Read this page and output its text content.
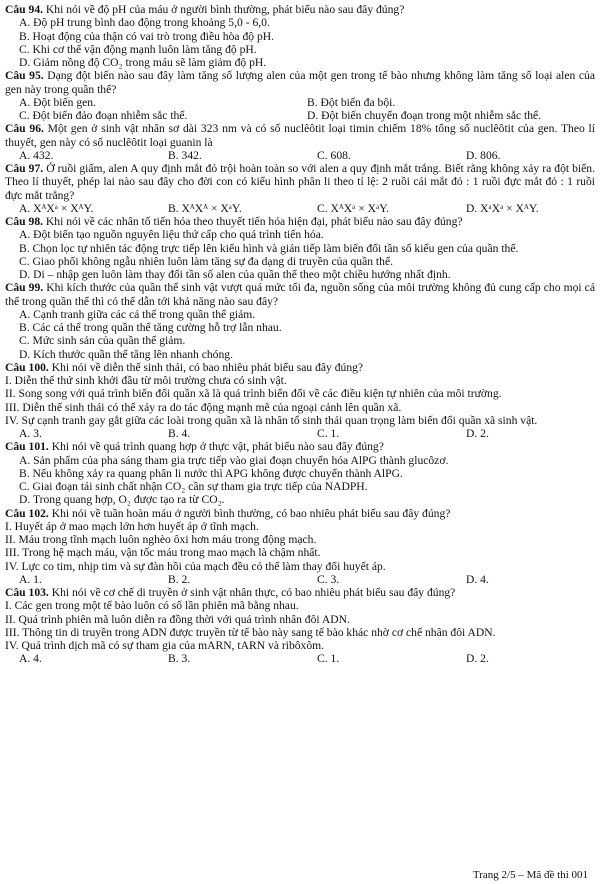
Câu 94. Khi nói về độ pH của máu ở người bình thường, phát biểu nào sau đây đúng?
A. Độ pH trung bình dao động trong khoảng 5,0 - 6,0.
B. Hoạt động của thận có vai trò trong điều hòa độ pH.
C. Khi cơ thể vận động mạnh luôn làm tăng độ pH.
D. Giảm nồng độ CO₂ trong máu sẽ làm giảm độ pH.
Câu 95. Dạng đột biến nào sau đây làm tăng số lượng alen của một gen trong tế bào nhưng không làm tăng số loại alen của gen này trong quần thể?
A. Đột biến gen.	B. Đột biến đa bội.
C. Đột biến đảo đoạn nhiễm sắc thể.	D. Đột biến chuyển đoạn trong một nhiễm sắc thể.
Câu 96. Một gen ở sinh vật nhân sơ dài 323 nm và có số nuclêôtit loại timin chiếm 18% tổng số nuclêôtit của gen. Theo lí thuyết, gen này có số nuclêôtit loại guanin là
A. 432.	B. 342.	C. 608.	D. 806.
Câu 97. Ở ruồi giấm, alen A quy định mắt đỏ trội hoàn toàn so với alen a quy định mắt trắng. Biết rằng không xảy ra đột biến. Theo lí thuyết, phép lai nào sau đây cho đời con có kiểu hình phân li theo tỉ lệ: 2 ruồi cái mắt đỏ : 1 ruồi đực mắt đỏ : 1 ruồi đực mắt trắng?
A. XᴬXᵃ × XᴬY.	B. XᴬXᴬ × XᵃY.	C. XᴬXᵃ × XᵃY.	D. XᵃXᵃ × XᴬY.
Câu 98. Khi nói về các nhân tố tiến hóa theo thuyết tiến hóa hiện đại, phát biểu nào sau đây đúng?
A. Đột biến tạo nguồn nguyên liệu thứ cấp cho quá trình tiến hóa.
B. Chọn lọc tự nhiên tác động trực tiếp lên kiểu hình và gián tiếp làm biến đổi tần số kiểu gen của quần thể.
C. Giao phối không ngẫu nhiên luôn làm tăng sự đa dạng di truyền của quần thể.
D. Di – nhập gen luôn làm thay đổi tần số alen của quần thể theo một chiều hướng nhất định.
Câu 99. Khi kích thước của quần thể sinh vật vượt quá mức tối đa, nguồn sống của môi trường không đủ cung cấp cho mọi cá thể trong quần thể thì có thể dẫn tới khả năng nào sau đây?
A. Cạnh tranh giữa các cá thể trong quần thể giảm.
B. Các cá thể trong quần thể tăng cường hỗ trợ lẫn nhau.
C. Mức sinh sản của quần thể giảm.
D. Kích thước quần thể tăng lên nhanh chóng.
Câu 100. Khi nói về diễn thế sinh thái, có bao nhiêu phát biểu sau đây đúng?
I. Diễn thế thứ sinh khởi đầu từ môi trường chưa có sinh vật.
II. Song song với quá trình biến đổi quần xã là quá trình biến đổi về các điều kiện tự nhiên của môi trường.
III. Diễn thế sinh thái có thể xảy ra do tác động mạnh mẽ của ngoại cảnh lên quần xã.
IV. Sự cạnh tranh gay gắt giữa các loài trong quần xã là nhân tố sinh thái quan trọng làm biến đổi quần xã sinh vật.
A. 3.	B. 4.	C. 1.	D. 2.
Câu 101. Khi nói về quá trình quang hợp ở thực vật, phát biểu nào sau đây đúng?
A. Sản phẩm của pha sáng tham gia trực tiếp vào giai đoạn chuyển hóa AlPG thành glucôzơ.
B. Nếu không xảy ra quang phân li nước thì APG không được chuyển thành AlPG.
C. Giai đoạn tái sinh chất nhận CO₂ cần sự tham gia trực tiếp của NADPH.
D. Trong quang hợp, O₂ được tạo ra từ CO₂.
Câu 102. Khi nói về tuần hoàn máu ở người bình thường, có bao nhiêu phát biểu sau đây đúng?
I. Huyết áp ở mao mạch lớn hơn huyết áp ở tĩnh mạch.
II. Máu trong tĩnh mạch luôn nghèo ôxi hơn máu trong động mạch.
III. Trong hệ mạch máu, vận tốc máu trong mao mạch là chậm nhất.
IV. Lực co tim, nhịp tim và sự đàn hồi của mạch đều có thể làm thay đổi huyết áp.
A. 1.	B. 2.	C. 3.	D. 4.
Câu 103. Khi nói về cơ chế di truyền ở sinh vật nhân thực, có bao nhiêu phát biểu sau đây đúng?
I. Các gen trong một tế bào luôn có số lần phiên mã bằng nhau.
II. Quá trình phiên mã luôn diễn ra đồng thời với quá trình nhân đôi ADN.
III. Thông tin di truyền trong ADN được truyền từ tế bào này sang tế bào khác nhờ cơ chế nhân đôi ADN.
IV. Quá trình dịch mã có sự tham gia của mARN, tARN và ribôxôm.
A. 4.	B. 3.	C. 1.	D. 2.
Trang 2/5 – Mã đề thi 001
